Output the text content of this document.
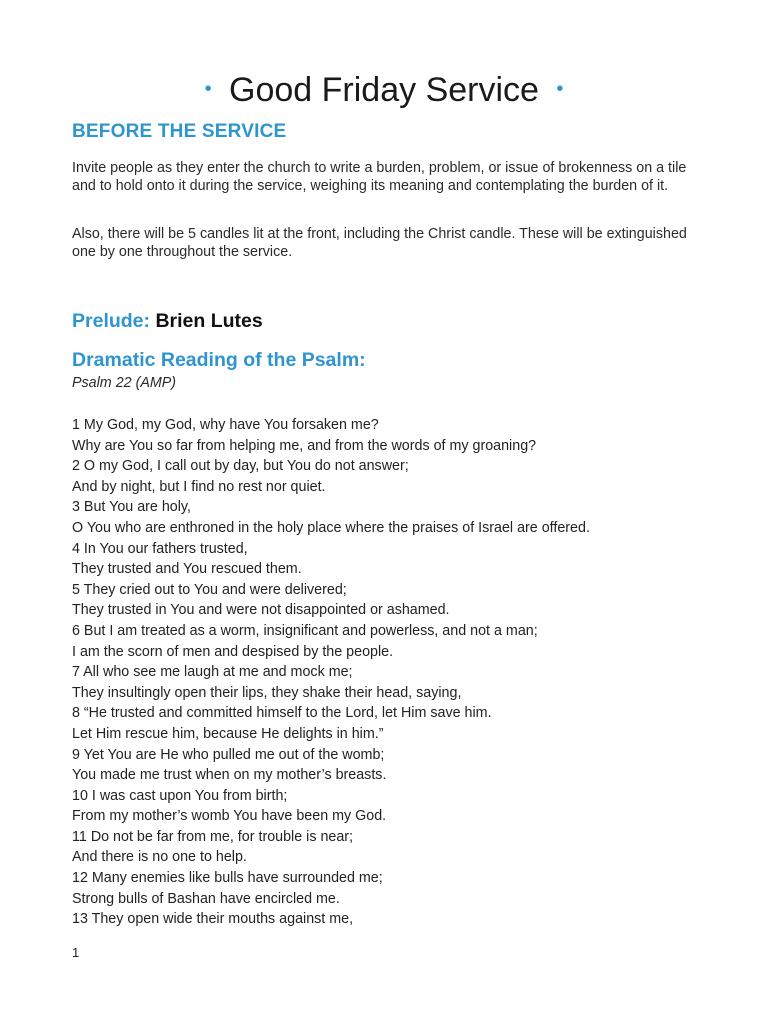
• Good Friday Service •
BEFORE THE SERVICE
Invite people as they enter the church to write a burden, problem, or issue of brokenness on a tile and to hold onto it during the service, weighing its meaning and contemplating the burden of it.
Also, there will be 5 candles lit at the front, including the Christ candle. These will be extinguished one by one throughout the service.
Prelude: Brien Lutes
Dramatic Reading of the Psalm:
Psalm 22 (AMP)
1 My God, my God, why have You forsaken me?
Why are You so far from helping me, and from the words of my groaning?
2 O my God, I call out by day, but You do not answer;
And by night, but I find no rest nor quiet.
3 But You are holy,
O You who are enthroned in the holy place where the praises of Israel are offered.
4 In You our fathers trusted,
They trusted and You rescued them.
5 They cried out to You and were delivered;
They trusted in You and were not disappointed or ashamed.
6 But I am treated as a worm, insignificant and powerless, and not a man;
I am the scorn of men and despised by the people.
7 All who see me laugh at me and mock me;
They insultingly open their lips, they shake their head, saying,
8 “He trusted and committed himself to the Lord, let Him save him.
Let Him rescue him, because He delights in him.”
9 Yet You are He who pulled me out of the womb;
You made me trust when on my mother’s breasts.
10 I was cast upon You from birth;
From my mother’s womb You have been my God.
11 Do not be far from me, for trouble is near;
And there is no one to help.
12 Many enemies like bulls have surrounded me;
Strong bulls of Bashan have encircled me.
13 They open wide their mouths against me,
1
